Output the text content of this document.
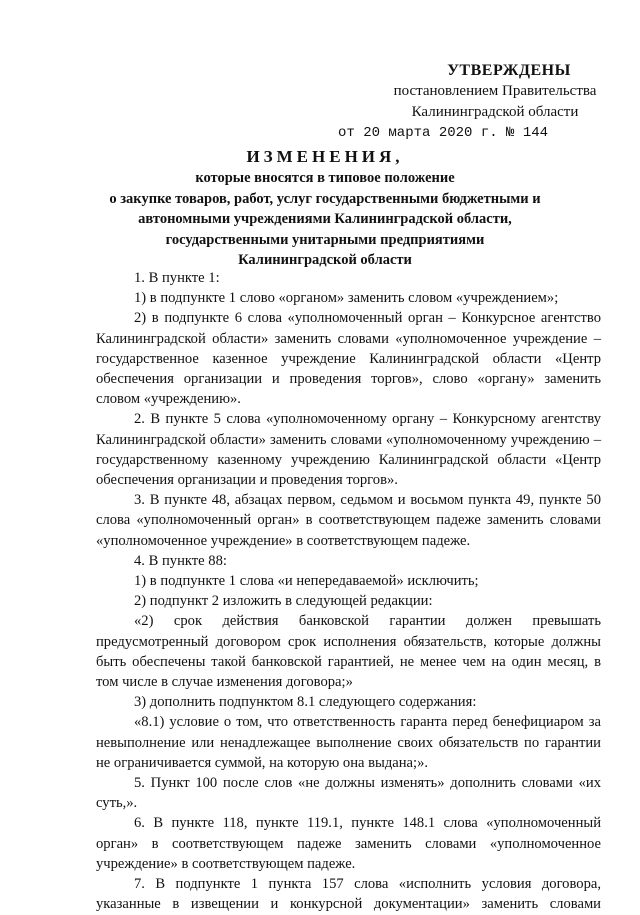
УТВЕРЖДЕНЫ
постановлением Правительства
Калининградской области
от 20 марта 2020 г. № 144
ИЗМЕНЕНИЯ,
которые вносятся в типовое положение
о закупке товаров, работ, услуг государственными бюджетными и
автономными учреждениями Калининградской области,
государственными унитарными предприятиями
Калининградской области

1. В пункте 1:

1) в подпункте 1 слово «органом» заменить словом «учреждением»;

2) в подпункте 6 слова «уполномоченный орган – Конкурсное агентство Калининградской области» заменить словами «уполномоченное учреждение – государственное казенное учреждение Калининградской области «Центр обеспечения организации и проведения торгов», слово «органу» заменить словом «учреждению».

2. В пункте 5 слова «уполномоченному органу – Конкурсному агентству Калининградской области» заменить словами «уполномоченному учреждению – государственному казенному учреждению Калининградской области «Центр обеспечения организации и проведения торгов».

3. В пункте 48, абзацах первом, седьмом и восьмом пункта 49, пункте 50 слова «уполномоченный орган» в соответствующем падеже заменить словами «уполномоченное учреждение» в соответствующем падеже.

4. В пункте 88:

1) в подпункте 1 слова «и непередаваемой» исключить;

2) подпункт 2 изложить в следующей редакции:

«2) срок действия банковской гарантии должен превышать предусмотренный договором срок исполнения обязательств, которые должны быть обеспечены такой банковской гарантией, не менее чем на один месяц, в том числе в случае изменения договора;»

3) дополнить подпунктом 8.1 следующего содержания:

«8.1) условие о том, что ответственность гаранта перед бенефициаром за невыполнение или ненадлежащее выполнение своих обязательств по гарантии не ограничивается суммой, на которую она выдана;».

5. Пункт 100 после слов «не должны изменять» дополнить словами «их суть,».

6. В пункте 118, пункте 119.1, пункте 148.1 слова «уполномоченный орган» в соответствующем падеже заменить словами «уполномоченное учреждение» в соответствующем падеже.

7. В подпункте 1 пункта 157 слова «исполнить условия договора, указанные в извещении и конкурсной документации» заменить словами
